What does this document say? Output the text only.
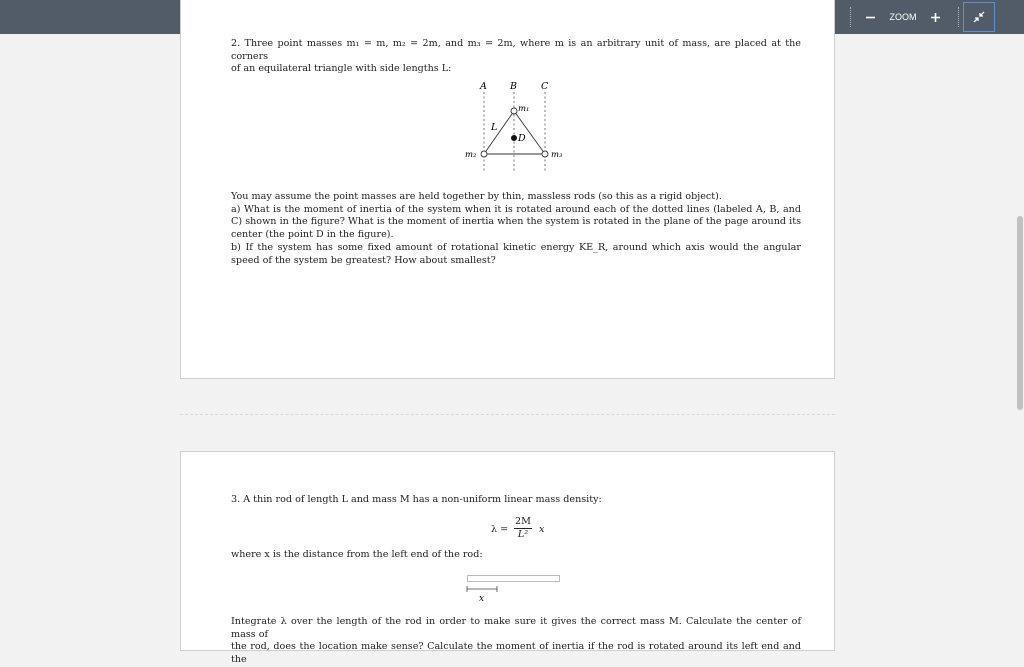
ZOOM
2. Three point masses m₁ = m, m₂ = 2m, and m₃ = 2m, where m is an arbitrary unit of mass, are placed at the corners
of an equilateral triangle with side lengths L:
A B	C
m₁
m₂	m₃
L
D
You may assume the point masses are held together by thin, massless rods (so this as a rigid object).
a) What is the moment of inertia of the system when it is rotated around each of the dotted lines (labeled A, B, and C) shown in the figure? What is the moment of inertia when the system is rotated in the plane of the page around its center (the point D in the figure).
b) If the system has some fixed amount of rotational kinetic energy KE_R, around which axis would the angular speed of the system be greatest? How about smallest?
3. A thin rod of length L and mass M has a non-uniform linear mass density:
λ =
2M
L²	x
where x is the distance from the left end of the rod:
x
Integrate λ over the length of the rod in order to make sure it gives the correct mass M. Calculate the center of mass of
the rod, does the location make sense? Calculate the moment of inertia if the rod is rotated around its left end and the
